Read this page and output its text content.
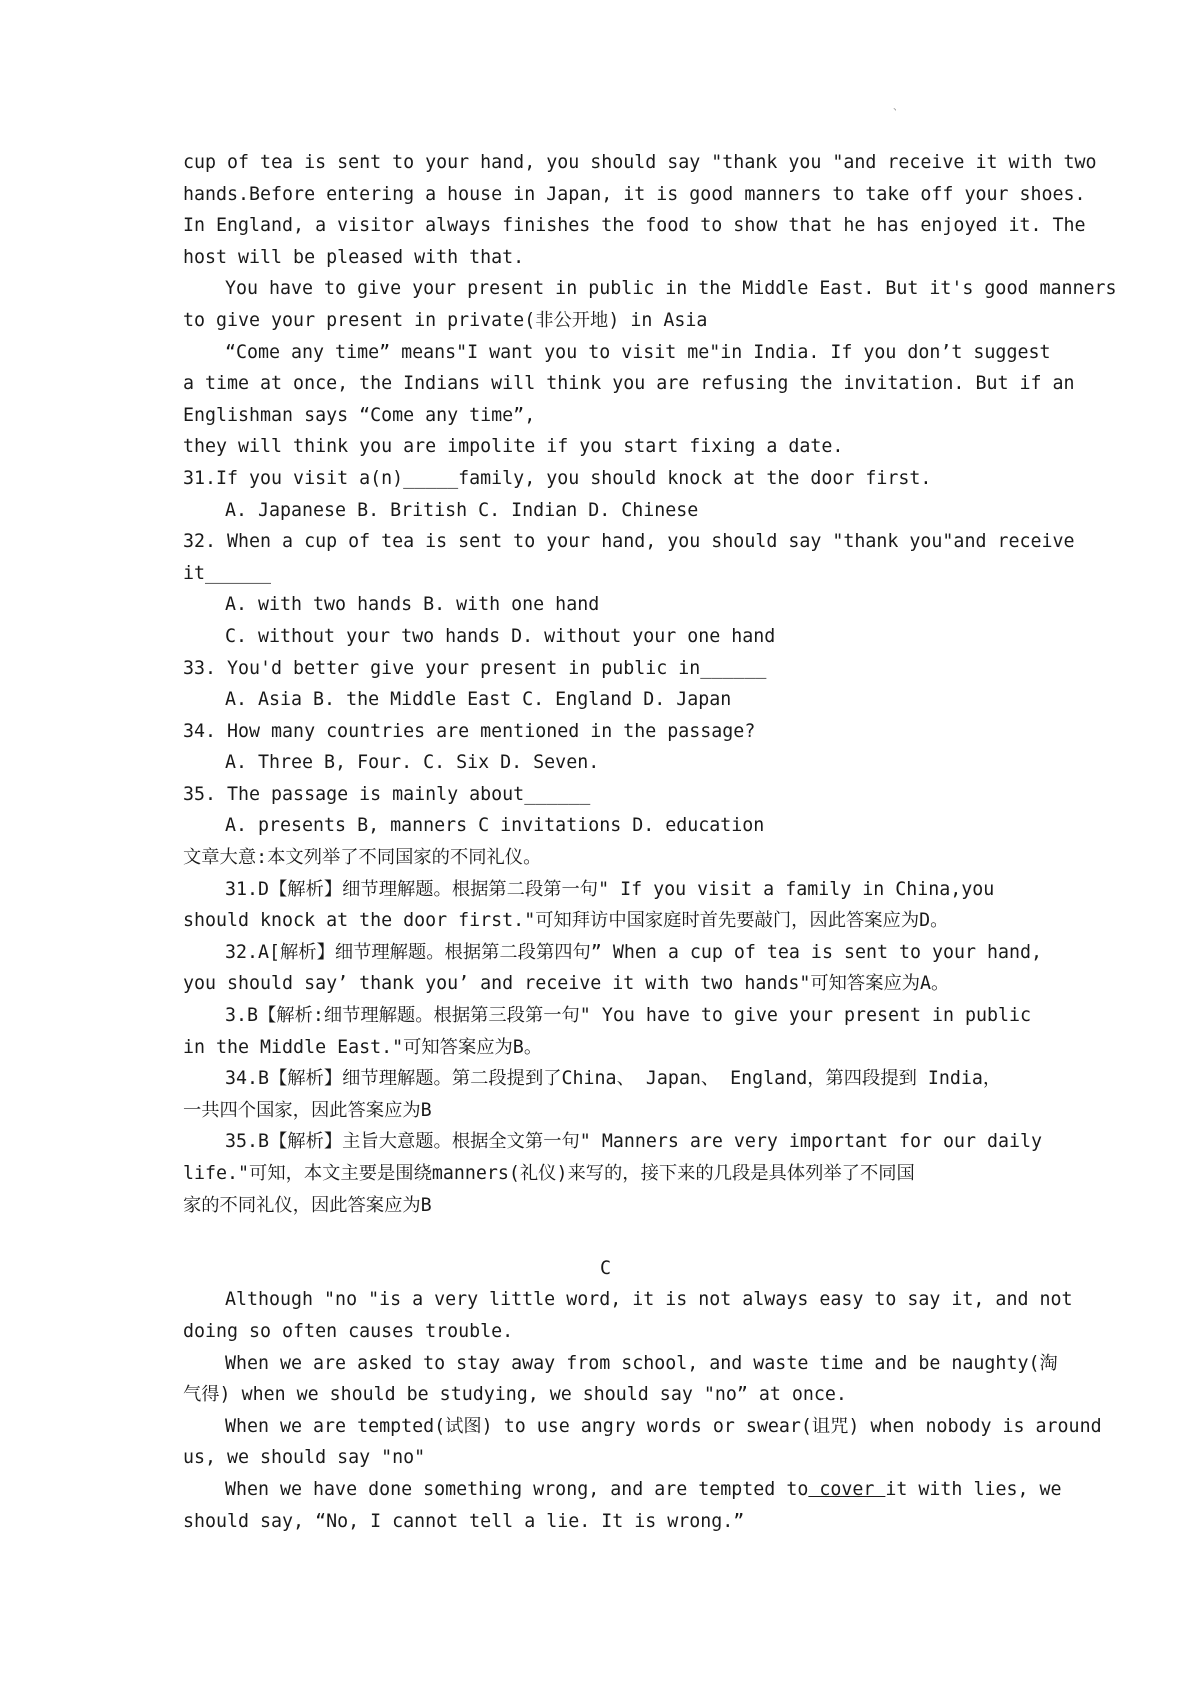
、
cup of tea is sent to your hand, you should say "thank you "and receive it with two
hands.Before entering a house in Japan, it is good manners to take off your shoes.
In England, a visitor always finishes the food to show that he has enjoyed it. The
host will be pleased with that.
You have to give your present in public in the Middle East. But it's good manners
to give your present in private(非公开地) in Asia
“Come any time” means"I want you to visit me"in India. If you don’t suggest
a time at once, the Indians will think you are refusing the invitation. But if an
Englishman says “Come any time”,
they will think you are impolite if you start fixing a date.
31.If you visit a(n)_____family, you should knock at the door first.
A. Japanese B. British C. Indian D. Chinese
32. When a cup of tea is sent to your hand, you should say "thank you"and receive
it______
A. with two hands B. with one hand
C. without your two hands D. without your one hand
33. You'd better give your present in public in______
A. Asia B. the Middle East C. England D. Japan
34. How many countries are mentioned in the passage?
A. Three B, Four. C. Six D. Seven.
35. The passage is mainly about______
A. presents B, manners C invitations D. education
文章大意:本文列举了不同国家的不同礼仪。
31.D【解析】细节理解题。根据第二段第一句" If you visit a family in China,you
should knock at the door first."可知拜访中国家庭时首先要敲门，因此答案应为D。
32.A[解析】细节理解题。根据第二段第四句” When a cup of tea is sent to your hand,
you should say’ thank you’ and receive it with two hands"可知答案应为A。
3.B【解析:细节理解题。根据第三段第一句" You have to give your present in public
in the Middle East."可知答案应为B。
34.B【解析】细节理解题。第二段提到了China、 Japan、 England，第四段提到 India，
一共四个国家，因此答案应为B
35.B【解析】主旨大意题。根据全文第一句" Manners are very important for our daily
life."可知，本文主要是围绕manners(礼仪)来写的，接下来的几段是具体列举了不同国
家的不同礼仪，因此答案应为B
C
Although "no "is a very little word, it is not always easy to say it, and not
doing so often causes trouble.
When we are asked to stay away from school, and waste time and be naughty(淘
气得) when we should be studying, we should say "no” at once.
When we are tempted(试图) to use angry words or swear(诅咒) when nobody is around
us, we should say "no"
When we have done something wrong, and are tempted to cover it with lies, we
should say, “No, I cannot tell a lie. It is wrong.”
